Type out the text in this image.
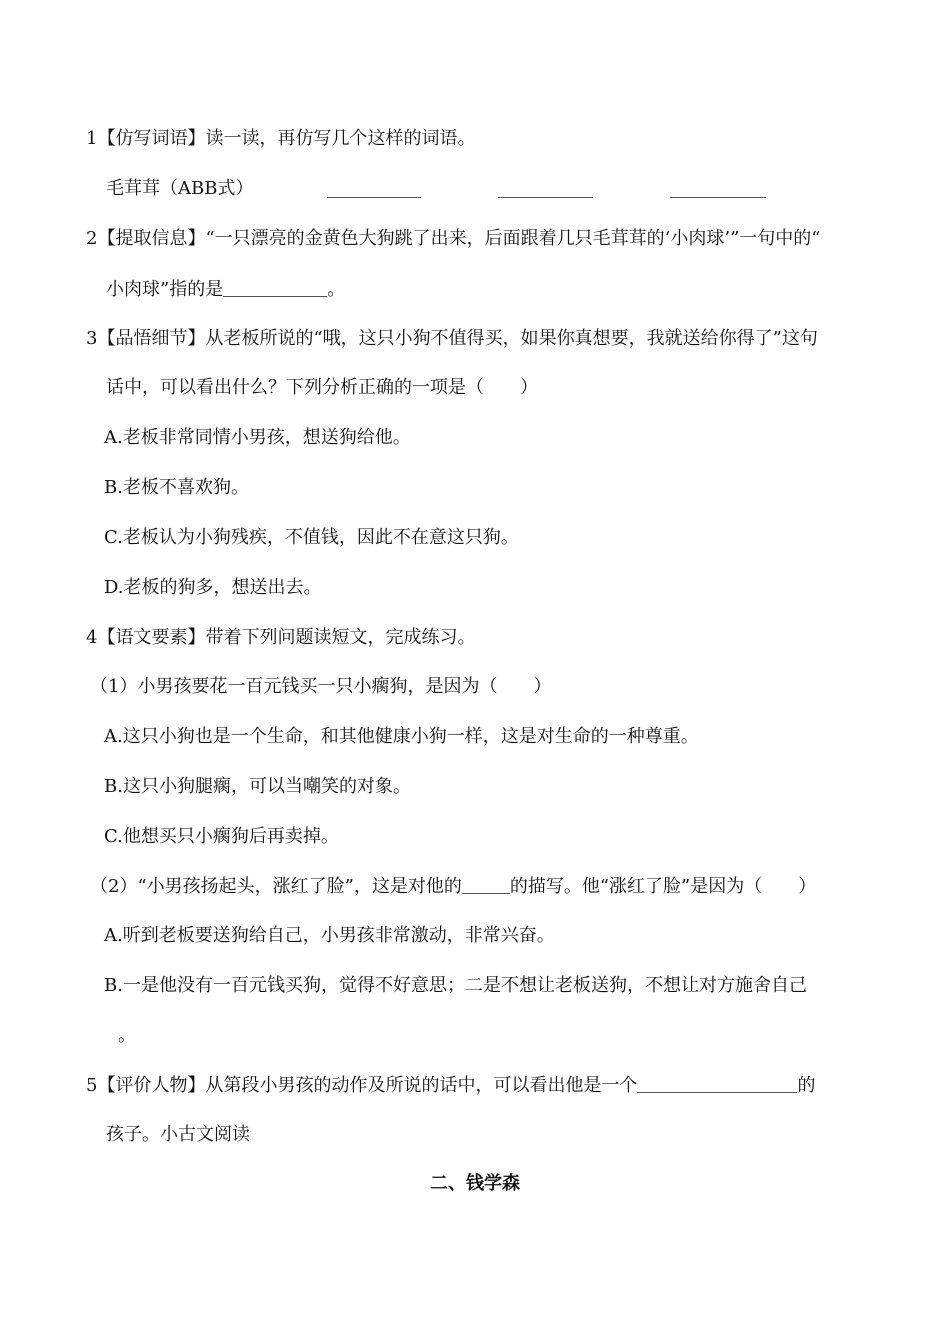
1【仿写词语】读一读，再仿写几个这样的词语。
毛茸茸（ABB式）
2【提取信息】“一只漂亮的金黄色大狗跳了出来，后面跟着几只毛茸茸的‘小肉球’”一句中的“
小肉球”指的是	。
3【品悟细节】从老板所说的“哦，这只小狗不值得买，如果你真想要，我就送给你得了”这句
话中，可以看出什么？下列分析正确的一项是（　　）
A.老板非常同情小男孩，想送狗给他。
B.老板不喜欢狗。
C.老板认为小狗残疾，不值钱，因此不在意这只狗。
D.老板的狗多，想送出去。
4【语文要素】带着下列问题读短文，完成练习。
（1）小男孩要花一百元钱买一只小瘸狗，是因为（　　）
A.这只小狗也是一个生命，和其他健康小狗一样，这是对生命的一种尊重。
B.这只小狗腿瘸，可以当嘲笑的对象。
C.他想买只小瘸狗后再卖掉。
（2）“小男孩扬起头，涨红了脸”，这是对他的	的描写。他“涨红了脸”是因为（　　）
A.听到老板要送狗给自己，小男孩非常激动，非常兴奋。
B.一是他没有一百元钱买狗，觉得不好意思；二是不想让老板送狗，不想让对方施舍自己
。
5【评价人物】从第段小男孩的动作及所说的话中，可以看出他是一个	的
孩子。小古文阅读
二、钱学森
